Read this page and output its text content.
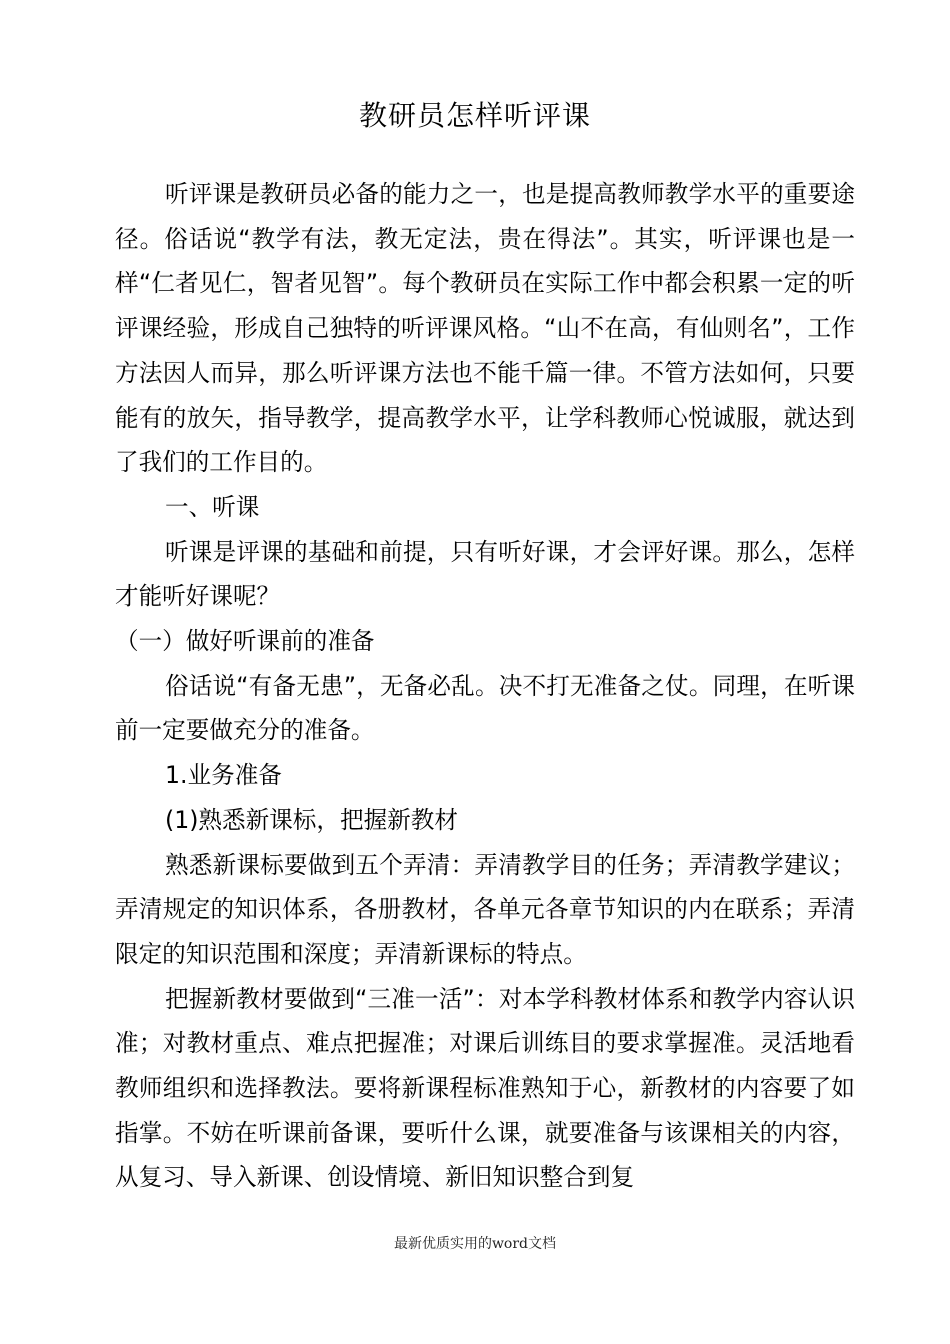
教研员怎样听评课

听评课是教研员必备的能力之一，也是提高教师教学水平的重要途径。俗话说“教学有法，教无定法，贵在得法”。其实，听评课也是一样“仁者见仁，智者见智”。每个教研员在实际工作中都会积累一定的听评课经验，形成自己独特的听评课风格。“山不在高，有仙则名”，工作方法因人而异，那么听评课方法也不能千篇一律。不管方法如何，只要能有的放矢，指导教学，提高教学水平，让学科教师心悦诚服，就达到了我们的工作目的。

一、听课

听课是评课的基础和前提，只有听好课，才会评好课。那么，怎样才能听好课呢？

（一）做好听课前的准备

俗话说“有备无患”，无备必乱。决不打无准备之仗。同理，在听课前一定要做充分的准备。

1.业务准备

(1)熟悉新课标，把握新教材

熟悉新课标要做到五个弄清：弄清教学目的任务；弄清教学建议； 弄清规定的知识体系，各册教材，各单元各章节知识的内在联系；弄清限定的知识范围和深度；弄清新课标的特点。

把握新教材要做到“三准一活”：对本学科教材体系和教学内容认识准；对教材重点、难点把握准；对课后训练目的要求掌握准。灵活地看教师组织和选择教法。要将新课程标准熟知于心，新教材的内容要了如指掌。不妨在听课前备课，要听什么课，就要准备与该课相关的内容，从复习、导入新课、创设情境、新旧知识整合到复

最新优质实用的word文档
